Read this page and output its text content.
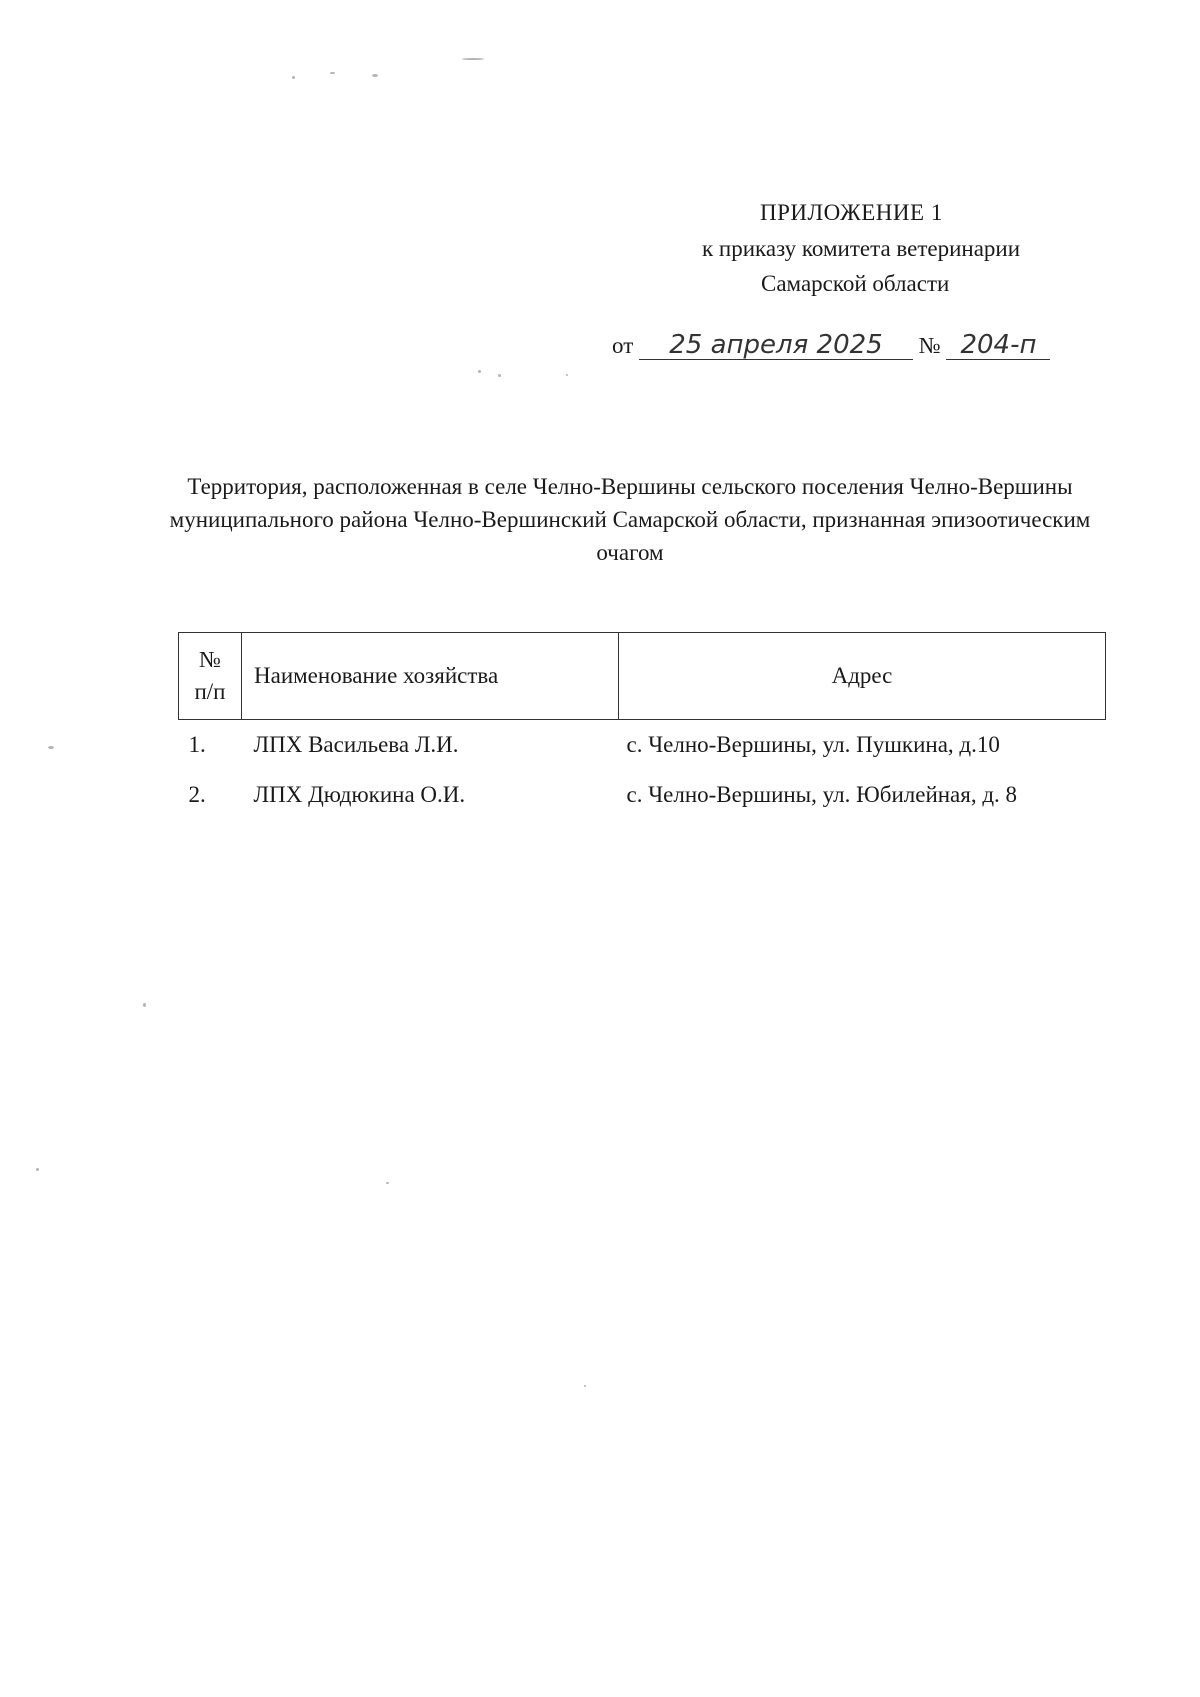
ПРИЛОЖЕНИЕ 1
к приказу комитета ветеринарии
Самарской области
от 25 апреля 2025 № 204-п
Территория, расположенная в селе Челно-Вершины сельского поселения Челно-Вершины муниципального района Челно-Вершинский Самарской области, признанная эпизоотическим очагом
№
п/п	Наименование хозяйства	Адрес
1.	ЛПХ Васильева Л.И.	с. Челно-Вершины, ул. Пушкина, д.10
2.	ЛПХ Дюдюкина О.И.	с. Челно-Вершины, ул. Юбилейная, д. 8
